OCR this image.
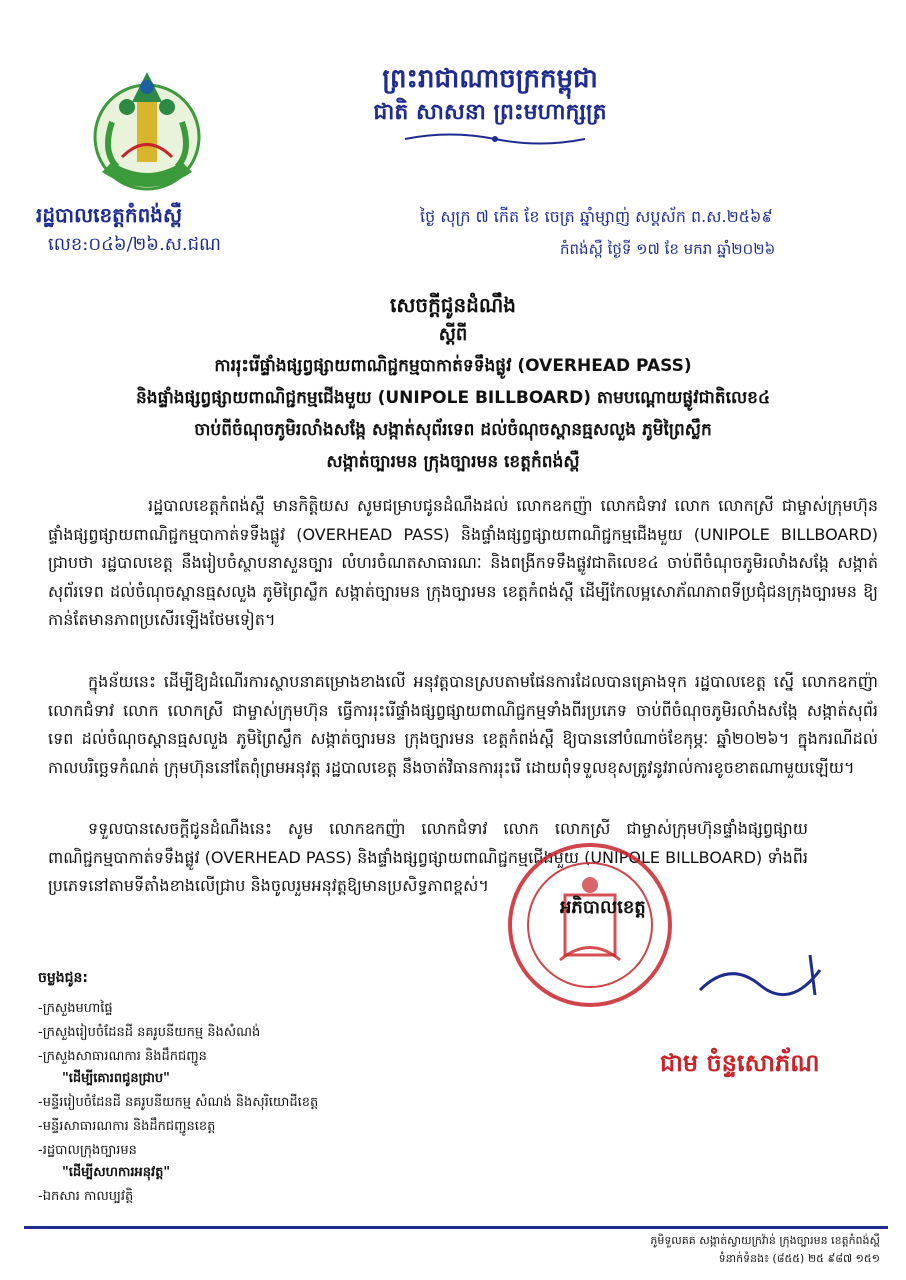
ព្រះរាជាណាចក្រកម្ពុជា
ជាតិ សាសនា ព្រះមហាក្សត្រ
រដ្ឋបាលខេត្តកំពង់ស្ពឺ
លេខ:០៤៦/២៦.ស.ជណ
ថ្ងៃ សុក្រ ៧ កើត ខែ ចេត្រ ឆ្នាំម្សាញ់ សប្តស័ក ព.ស.២៥៦៩
កំពង់ស្ពឺ ថ្ងៃទី ១៧ ខែ មករា ឆ្នាំ២០២៦
សេចក្តីជូនដំណឹង
ស្តីពី
ការរុះរើផ្ទាំងផ្សព្វផ្សាយពាណិជ្ជកម្មបាកាត់ទទឹងផ្លូវ (OVERHEAD PASS)
និងផ្ទាំងផ្សព្វផ្សាយពាណិជ្ជកម្មជើងមួយ (UNIPOLE BILLBOARD) តាមបណ្តោយផ្លូវជាតិលេខ៤
ចាប់ពីចំណុចភូមិរលាំងសង្កែ សង្កាត់សុព័រទេព ដល់ចំណុចស្ពានធ្មសលួង ភូមិព្រៃស្លឹក
សង្កាត់ច្បារមន ក្រុងច្បារមន ខេត្តកំពង់ស្ពឺ
រដ្ឋបាលខេត្តកំពង់ស្ពឺ មានកិត្តិយស សូមជម្រាបជូនដំណឹងដល់ លោកឧកញ៉ា លោកជំទាវ លោក លោកស្រី ជាម្ចាស់ក្រុមហ៊ុនផ្ទាំងផ្សព្វផ្សាយពាណិជ្ជកម្មបាកាត់ទទឹងផ្លូវ (OVERHEAD PASS) និងផ្ទាំងផ្សព្វផ្សាយពាណិជ្ជកម្មជើងមួយ (UNIPOLE BILLBOARD) ជ្រាបថា រដ្ឋបាលខេត្ត នឹងរៀបចំស្ថាបនាសួនច្បារ លំហរចំណតសាធារណៈ និងពង្រីកទទឹងផ្លូវជាតិលេខ៤ ចាប់ពីចំណុចភូមិរលាំងសង្កែ សង្កាត់សុព័រទេព ដល់ចំណុចស្ពានធ្មសលួង ភូមិព្រៃស្លឹក សង្កាត់ច្បារមន ក្រុងច្បារមន ខេត្តកំពង់ស្ពឺ ដើម្បីកែលម្អសោភ័ណភាពទីប្រជុំជនក្រុងច្បារមន ឱ្យកាន់តែមានភាពប្រសើរឡើងថែមទៀត។
ក្នុងន័យនេះ ដើម្បីឱ្យដំណើរការស្ថាបនាគម្រោងខាងលើ អនុវត្តបានស្របតាមផែនការដែលបានគ្រោងទុក រដ្ឋបាលខេត្ត ស្នើ លោកឧកញ៉ា លោកជំទាវ លោក លោកស្រី ជាម្ចាស់ក្រុមហ៊ុន ធ្វើការរុះរើផ្ទាំងផ្សព្វផ្សាយពាណិជ្ជកម្មទាំងពីរប្រភេទ ចាប់ពីចំណុចភូមិរលាំងសង្កែ សង្កាត់សុព័រទេព ដល់ចំណុចស្ពានធ្មសលួង ភូមិព្រៃស្លឹក សង្កាត់ច្បារមន ក្រុងច្បារមន ខេត្តកំពង់ស្ពឺ ឱ្យបាននៅបំណាច់ខែកុម្ភៈ ឆ្នាំ២០២៦។ ក្នុងករណីដល់កាលបរិច្ឆេទកំណត់ ក្រុមហ៊ុននៅតែពុំព្រមអនុវត្ត រដ្ឋបាលខេត្ត នឹងចាត់វិធានការរុះរើ ដោយពុំទទួលខុសត្រូវនូវរាល់ការខូចខាតណាមួយឡើយ។
ទទួលបានសេចក្តីជូនដំណឹងនេះ សូម លោកឧកញ៉ា លោកជំទាវ លោក លោកស្រី ជាម្ចាស់ក្រុមហ៊ុនផ្ទាំងផ្សព្វផ្សាយពាណិជ្ជកម្មបាកាត់ទទឹងផ្លូវ (OVERHEAD PASS) និងផ្ទាំងផ្សព្វផ្សាយពាណិជ្ជកម្មជើងមួយ (UNIPOLE BILLBOARD) ទាំងពីរប្រភេទនៅតាមទីតាំងខាងលើជ្រាប និងចូលរួមអនុវត្តឱ្យមានប្រសិទ្ធភាពខ្ពស់។
អភិបាលខេត្ត
ជាម ចំន្ទសោភ័ណ
ចម្លងជូន:
-ក្រសួងមហាផ្ទៃ
-ក្រសួងរៀបចំដែនដី នគរូបនីយកម្ម និងសំណង់
-ក្រសួងសាធារណការ និងដឹកជញ្ជូន
"ដើម្បីគោរពជូនជ្រាប"
-មន្ទីររៀបចំដែនដី នគរូបនីយកម្ម សំណង់ និងសុរិយោដីខេត្ត
-មន្ទីរសាធារណការ និងដឹកជញ្ជូនខេត្ត
-រដ្ឋបាលក្រុងច្បារមន
"ដើម្បីសហការអនុវត្ត"
-ឯកសារ កាលប្បវត្តិ
ភូមិទួលគគ សង្កាត់ស្វាយក្រវ៉ាន់ ក្រុងច្បារមន ខេត្តកំពង់ស្ពឺ
ទំនាក់ទំនង៖ (៨៥៥) ២៥ ៩៨៧ ១៥១
